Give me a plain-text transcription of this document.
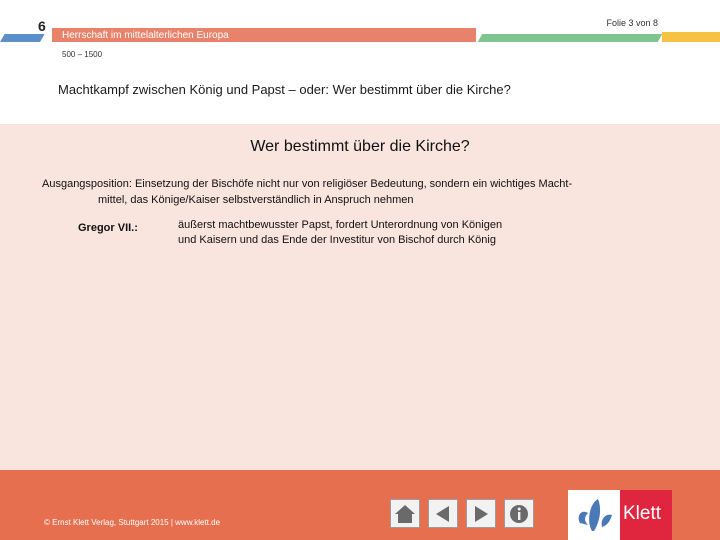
6	Folie 3 von 8
Herrschaft im mittelalterlichen Europa
500 – 1500
Machtkampf zwischen König und Papst – oder: Wer bestimmt über die Kirche?
Wer bestimmt über die Kirche?
Ausgangsposition: Einsetzung der Bischöfe nicht nur von religiöser Bedeutung, sondern ein wichtiges Macht-
mittel, das Könige/Kaiser selbstverständlich in Anspruch nehmen
Gregor VII.:	äußerst machtbewusster Papst, fordert Unterordnung von Königen
und Kaisern und das Ende der Investitur von Bischof durch König
© Ernst Klett Verlag, Stuttgart 2015 | www.klett.de	Klett
